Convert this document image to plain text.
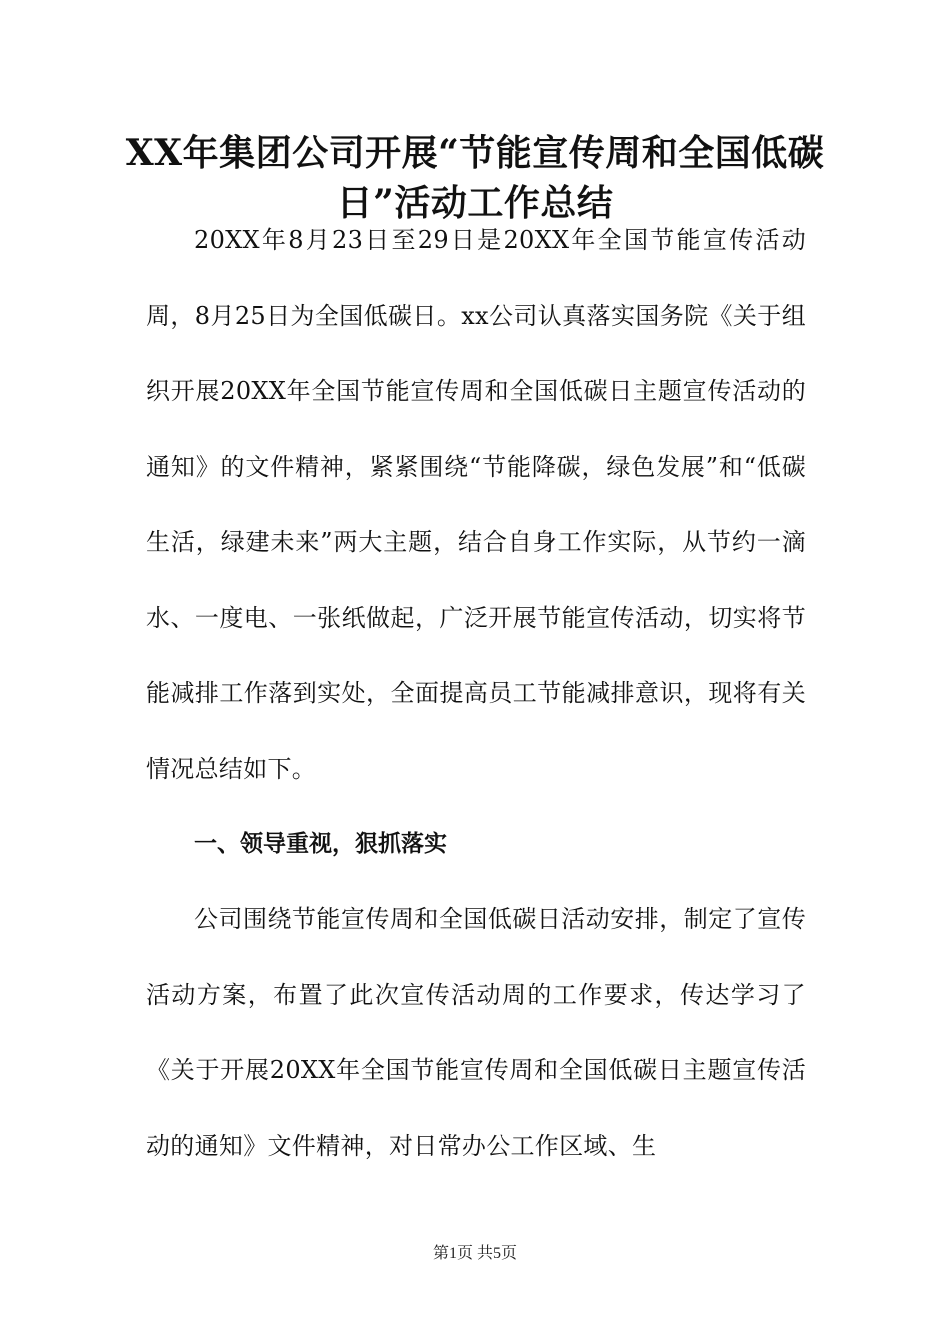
XX年集团公司开展“节能宣传周和全国低碳日”活动工作总结

20XX年8月23日至29日是20XX年全国节能宣传活动周，8月25日为全国低碳日。xx公司认真落实国务院《关于组织开展20XX年全国节能宣传周和全国低碳日主题宣传活动的通知》的文件精神，紧紧围绕“节能降碳，绿色发展”和“低碳生活，绿建未来”两大主题，结合自身工作实际，从节约一滴水、一度电、一张纸做起，广泛开展节能宣传活动，切实将节能减排工作落到实处，全面提高员工节能减排意识，现将有关情况总结如下。

一、领导重视，狠抓落实

公司围绕节能宣传周和全国低碳日活动安排，制定了宣传活动方案，布置了此次宣传活动周的工作要求，传达学习了《关于开展20XX年全国节能宣传周和全国低碳日主题宣传活动的通知》文件精神，对日常办公工作区域、生

第1页 共5页
